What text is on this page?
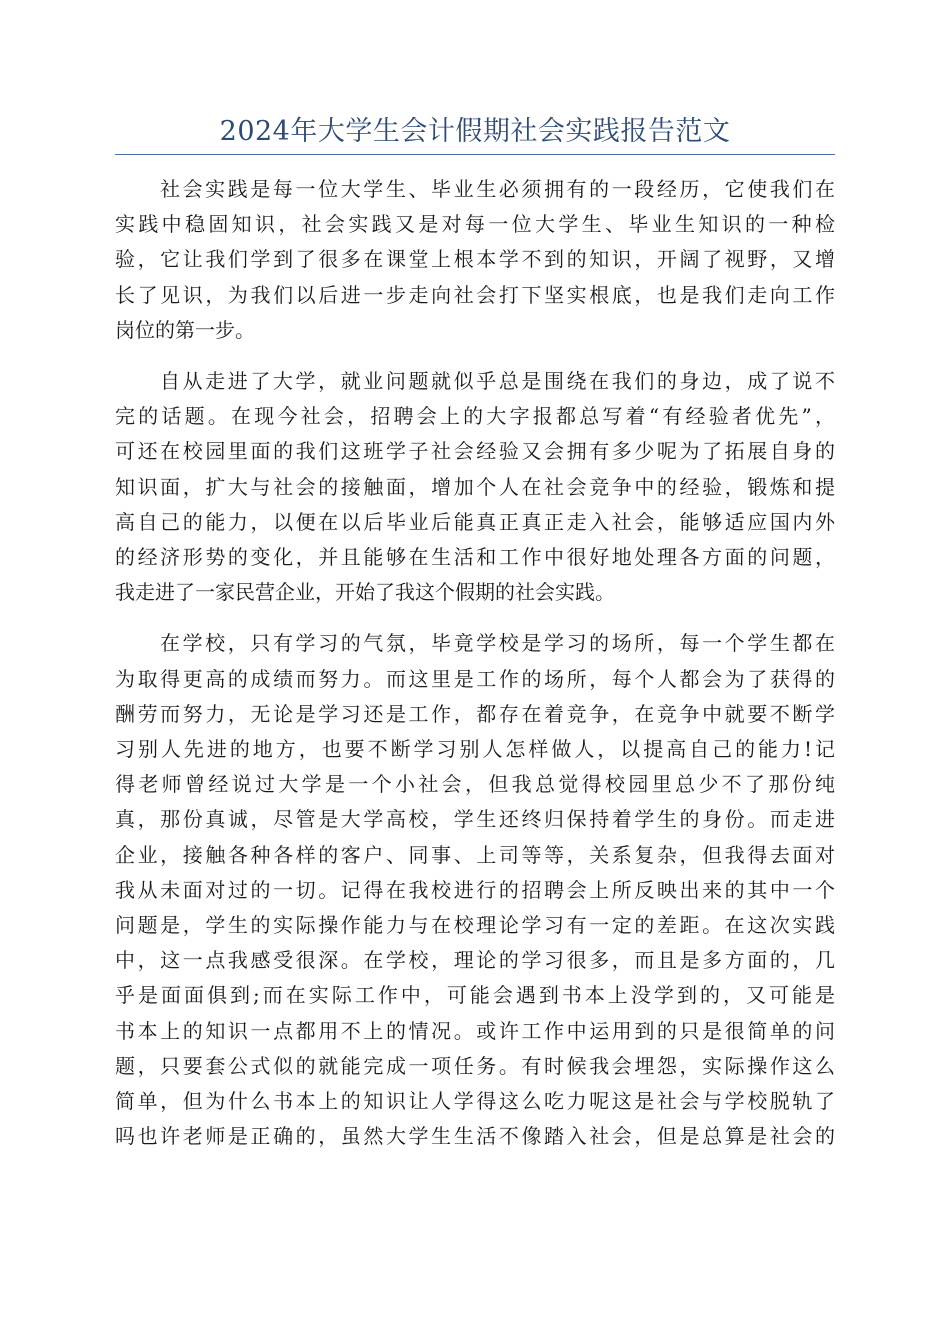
2024年大学生会计假期社会实践报告范文
社会实践是每一位大学生、毕业生必须拥有的一段经历，它使我们在
实践中稳固知识，社会实践又是对每一位大学生、毕业生知识的一种检
验，它让我们学到了很多在课堂上根本学不到的知识，开阔了视野，又增
长了见识，为我们以后进一步走向社会打下坚实根底，也是我们走向工作
岗位的第一步。
自从走进了大学，就业问题就似乎总是围绕在我们的身边，成了说不
完的话题。在现今社会，招聘会上的大字报都总写着“有经验者优先”，
可还在校园里面的我们这班学子社会经验又会拥有多少呢为了拓展自身的
知识面，扩大与社会的接触面，增加个人在社会竞争中的经验，锻炼和提
高自己的能力，以便在以后毕业后能真正真正走入社会，能够适应国内外
的经济形势的变化，并且能够在生活和工作中很好地处理各方面的问题，
我走进了一家民营企业，开始了我这个假期的社会实践。
在学校，只有学习的气氛，毕竟学校是学习的场所，每一个学生都在
为取得更高的成绩而努力。而这里是工作的场所，每个人都会为了获得的
酬劳而努力，无论是学习还是工作，都存在着竞争，在竞争中就要不断学
习别人先进的地方，也要不断学习别人怎样做人，以提高自己的能力!记
得老师曾经说过大学是一个小社会，但我总觉得校园里总少不了那份纯
真，那份真诚，尽管是大学高校，学生还终归保持着学生的身份。而走进
企业，接触各种各样的客户、同事、上司等等，关系复杂，但我得去面对
我从未面对过的一切。记得在我校进行的招聘会上所反映出来的其中一个
问题是，学生的实际操作能力与在校理论学习有一定的差距。在这次实践
中，这一点我感受很深。在学校，理论的学习很多，而且是多方面的，几
乎是面面俱到;而在实际工作中，可能会遇到书本上没学到的，又可能是
书本上的知识一点都用不上的情况。或许工作中运用到的只是很简单的问
题，只要套公式似的就能完成一项任务。有时候我会埋怨，实际操作这么
简单，但为什么书本上的知识让人学得这么吃力呢这是社会与学校脱轨了
吗也许老师是正确的，虽然大学生生活不像踏入社会，但是总算是社会的
